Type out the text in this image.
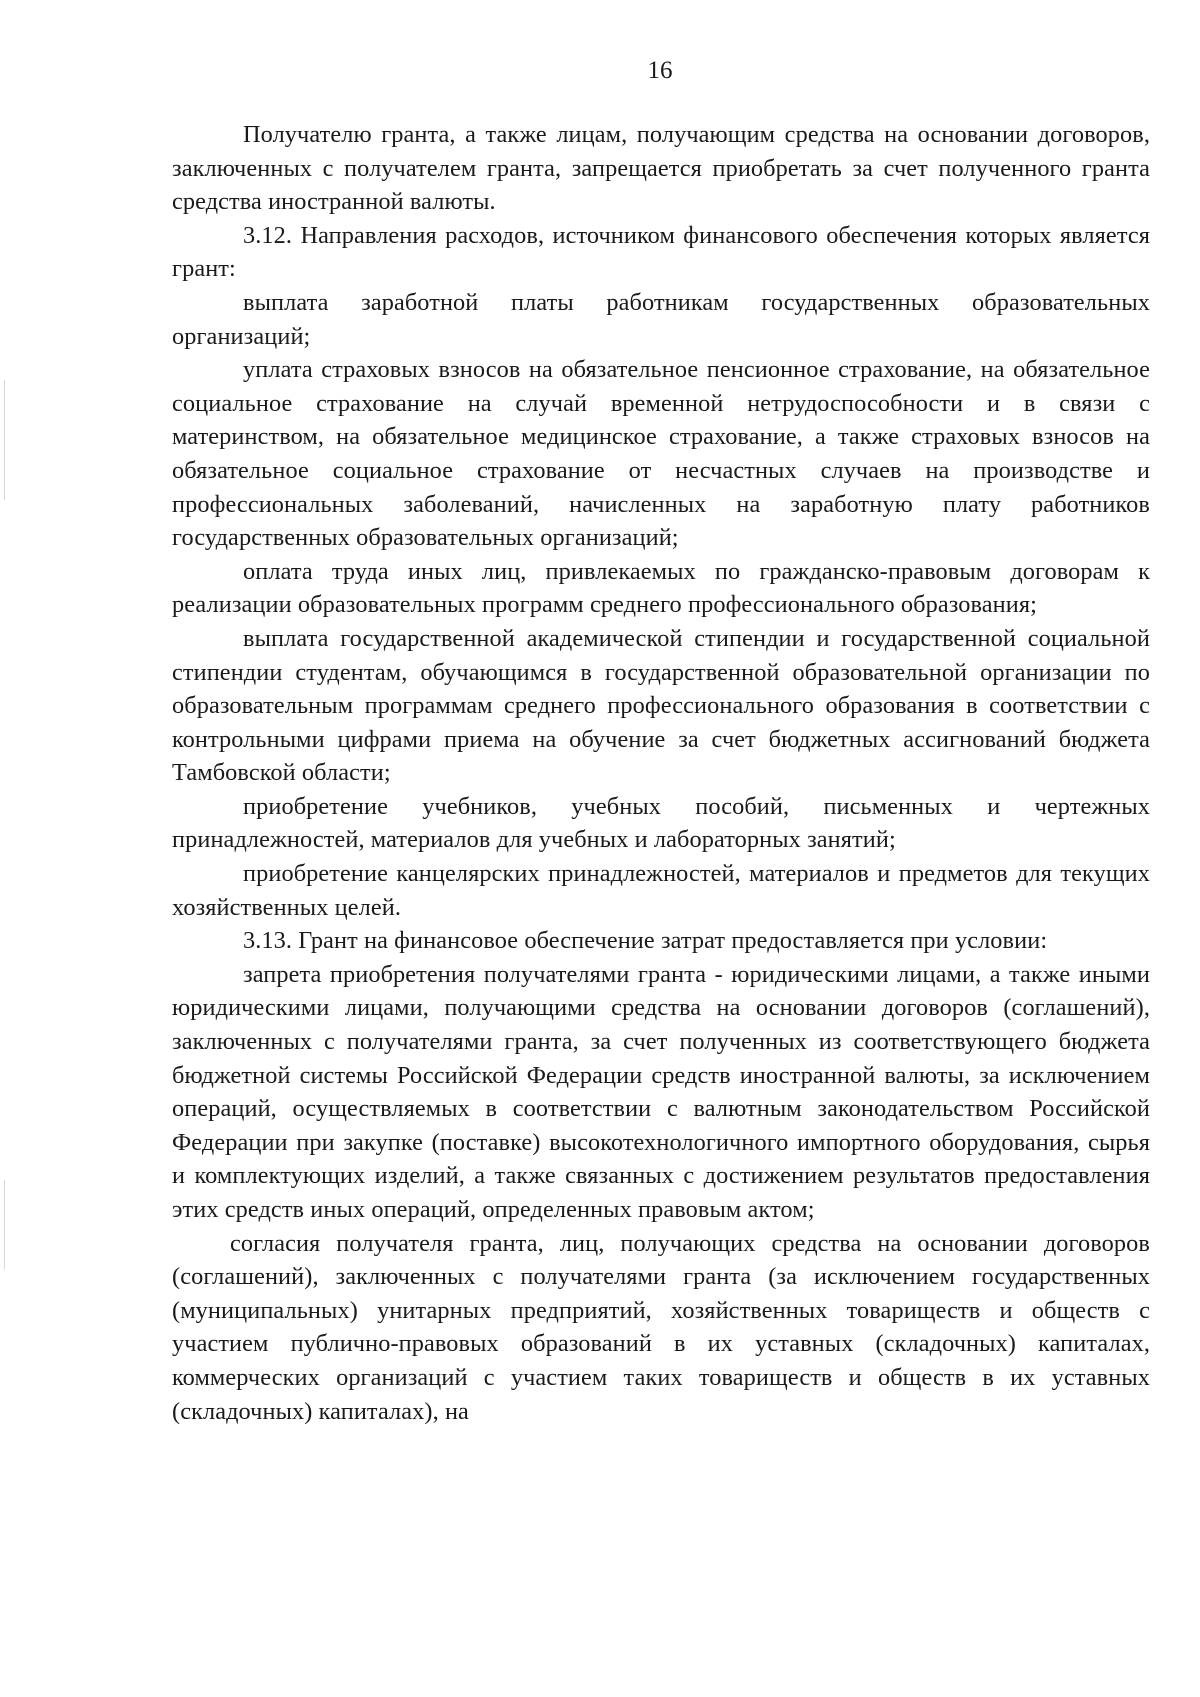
16

Получателю гранта, а также лицам, получающим средства на основании договоров, заключенных с получателем гранта, запрещается приобретать за счет полученного гранта средства иностранной валюты.

3.12. Направления расходов, источником финансового обеспечения которых является грант:

выплата заработной платы работникам государственных образовательных организаций;

уплата страховых взносов на обязательное пенсионное страхование, на обязательное социальное страхование на случай временной нетрудоспособности и в связи с материнством, на обязательное медицинское страхование, а также страховых взносов на обязательное социальное страхование от несчастных случаев на производстве и профессиональных заболеваний, начисленных на заработную плату работников государственных образовательных организаций;

оплата труда иных лиц, привлекаемых по гражданско-правовым договорам к реализации образовательных программ среднего профессионального образования;

выплата государственной академической стипендии и государственной социальной стипендии студентам, обучающимся в государственной образовательной организации по образовательным программам среднего профессионального образования в соответствии с контрольными цифрами приема на обучение за счет бюджетных ассигнований бюджета Тамбовской области;

приобретение учебников, учебных пособий, письменных и чертежных принадлежностей, материалов для учебных и лабораторных занятий;

приобретение канцелярских принадлежностей, материалов и предметов для текущих хозяйственных целей.

3.13. Грант на финансовое обеспечение затрат предоставляется при условии:

запрета приобретения получателями гранта - юридическими лицами, а также иными юридическими лицами, получающими средства на основании договоров (соглашений), заключенных с получателями гранта, за счет полученных из соответствующего бюджета бюджетной системы Российской Федерации средств иностранной валюты, за исключением операций, осуществляемых в соответствии с валютным законодательством Российской Федерации при закупке (поставке) высокотехнологичного импортного оборудования, сырья и комплектующих изделий, а также связанных с достижением результатов предоставления этих средств иных операций, определенных правовым актом;

согласия получателя гранта, лиц, получающих средства на основании договоров (соглашений), заключенных с получателями гранта (за исключением государственных (муниципальных) унитарных предприятий, хозяйственных товариществ и обществ с участием публично-правовых образований в их уставных (складочных) капиталах, коммерческих организаций с участием таких товариществ и обществ в их уставных (складочных) капиталах), на
